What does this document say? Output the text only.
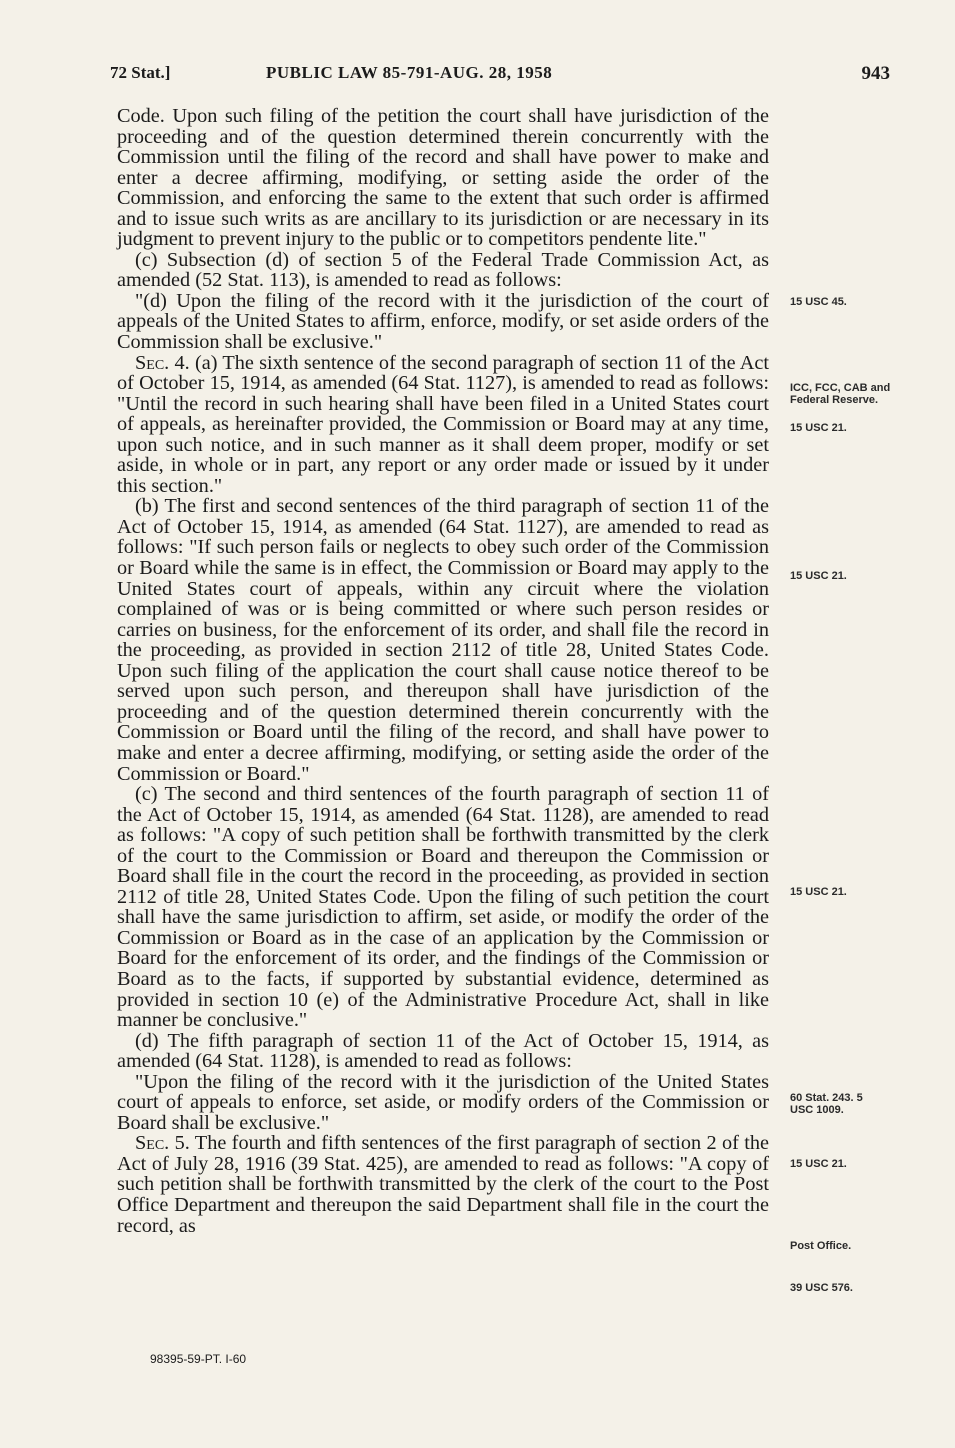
72 Stat.]	PUBLIC LAW 85-791-AUG. 28, 1958	943

Code. Upon such filing of the petition the court shall have jurisdiction of the proceeding and of the question determined therein concurrently with the Commission until the filing of the record and shall have power to make and enter a decree affirming, modifying, or setting aside the order of the Commission, and enforcing the same to the extent that such order is affirmed and to issue such writs as are ancillary to its jurisdiction or are necessary in its judgment to prevent injury to the public or to competitors pendente lite."

(c) Subsection (d) of section 5 of the Federal Trade Commission Act, as amended (52 Stat. 113), is amended to read as follows:

"(d) Upon the filing of the record with it the jurisdiction of the court of appeals of the United States to affirm, enforce, modify, or set aside orders of the Commission shall be exclusive."

Sec. 4. (a) The sixth sentence of the second paragraph of section 11 of the Act of October 15, 1914, as amended (64 Stat. 1127), is amended to read as follows: "Until the record in such hearing shall have been filed in a United States court of appeals, as hereinafter provided, the Commission or Board may at any time, upon such notice, and in such manner as it shall deem proper, modify or set aside, in whole or in part, any report or any order made or issued by it under this section."

(b) The first and second sentences of the third paragraph of section 11 of the Act of October 15, 1914, as amended (64 Stat. 1127), are amended to read as follows: "If such person fails or neglects to obey such order of the Commission or Board while the same is in effect, the Commission or Board may apply to the United States court of appeals, within any circuit where the violation complained of was or is being committed or where such person resides or carries on business, for the enforcement of its order, and shall file the record in the proceeding, as provided in section 2112 of title 28, United States Code. Upon such filing of the application the court shall cause notice thereof to be served upon such person, and thereupon shall have jurisdiction of the proceeding and of the question determined therein concurrently with the Commission or Board until the filing of the record, and shall have power to make and enter a decree affirming, modifying, or setting aside the order of the Commission or Board."

(c) The second and third sentences of the fourth paragraph of section 11 of the Act of October 15, 1914, as amended (64 Stat. 1128), are amended to read as follows: "A copy of such petition shall be forthwith transmitted by the clerk of the court to the Commission or Board and thereupon the Commission or Board shall file in the court the record in the proceeding, as provided in section 2112 of title 28, United States Code. Upon the filing of such petition the court shall have the same jurisdiction to affirm, set aside, or modify the order of the Commission or Board as in the case of an application by the Commission or Board for the enforcement of its order, and the findings of the Commission or Board as to the facts, if supported by substantial evidence, determined as provided in section 10 (e) of the Administrative Procedure Act, shall in like manner be conclusive."

(d) The fifth paragraph of section 11 of the Act of October 15, 1914, as amended (64 Stat. 1128), is amended to read as follows:

"Upon the filing of the record with it the jurisdiction of the United States court of appeals to enforce, set aside, or modify orders of the Commission or Board shall be exclusive."

Sec. 5. The fourth and fifth sentences of the first paragraph of section 2 of the Act of July 28, 1916 (39 Stat. 425), are amended to read as follows: "A copy of such petition shall be forthwith transmitted by the clerk of the court to the Post Office Department and thereupon the said Department shall file in the court the record, as

15 USC 45.
ICC, FCC, CAB and Federal Reserve.
15 USC 21.
15 USC 21.
15 USC 21.
60 Stat. 243. 5 USC 1009.
15 USC 21.
Post Office.
39 USC 576.
98395-59-PT. I-60
